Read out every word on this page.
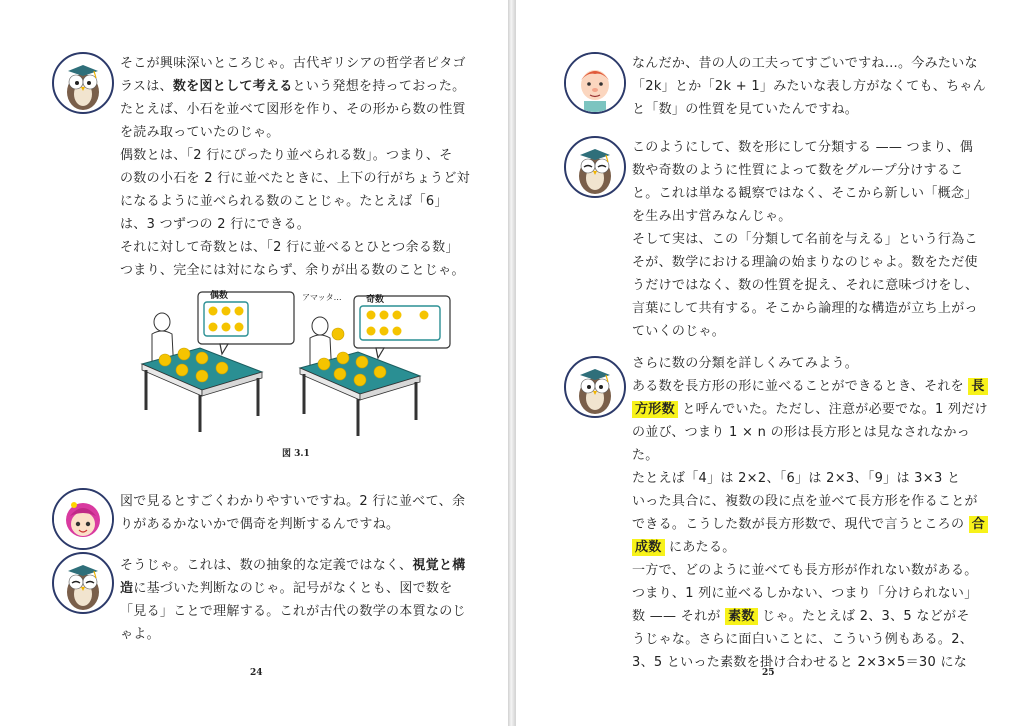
そこが興味深いところじゃ。古代ギリシアの哲学者ピタゴ

ラスは、数を図として考えるという発想を持っておった。

たとえば、小石を並べて図形を作り、その形から数の性質

を読み取っていたのじゃ。

偶数とは、「2 行にぴったり並べられる数」。つまり、そ

の数の小石を 2 行に並べたときに、上下の行がちょうど対

になるように並べられる数のことじゃ。たとえば「6」

は、3 つずつの 2 行にできる。

それに対して奇数とは、「2 行に並べるとひとつ余る数」

つまり、完全には対にならず、余りが出る数のことじゃ。

偶数	アマッタ…	奇数
図 3.1

図で見るとすごくわかりやすいですね。2 行に並べて、余

りがあるかないかで偶奇を判断するんですね。

そうじゃ。これは、数の抽象的な定義ではなく、視覚と構

造に基づいた判断なのじゃ。記号がなくとも、図で数を

「見る」ことで理解する。これが古代の数学の本質なのじ

ゃよ。

24

なんだか、昔の人の工夫ってすごいですね…。今みたいな

「2k」とか「2k + 1」みたいな表し方がなくても、ちゃん

と「数」の性質を見ていたんですね。

このようにして、数を形にして分類する —— つまり、偶

数や奇数のように性質によって数をグループ分けするこ

と。これは単なる観察ではなく、そこから新しい「概念」

を生み出す営みなんじゃ。

そして実は、この「分類して名前を与える」という行為こ

そが、数学における理論の始まりなのじゃよ。数をただ使

うだけではなく、数の性質を捉え、それに意味づけをし、

言葉にして共有する。そこから論理的な構造が立ち上がっ

ていくのじゃ。

さらに数の分類を詳しくみてみよう。

ある数を長方形の形に並べることができるとき、それを 長

方形数 と呼んでいた。ただし、注意が必要でな。1 列だけ

の並び、つまり 1 × n の形は長方形とは見なされなかっ

た。

たとえば「4」は 2×2、「6」は 2×3、「9」は 3×3 と

いった具合に、複数の段に点を並べて長方形を作ることが

できる。こうした数が長方形数で、現代で言うところの 合

成数 にあたる。

一方で、どのように並べても長方形が作れない数がある。

つまり、1 列に並べるしかない、つまり「分けられない」

数 —— それが 素数 じゃ。たとえば 2、3、5 などがそ

うじゃな。さらに面白いことに、こういう例もある。2、

3、5 といった素数を掛け合わせると 2×3×5＝30 にな

25
